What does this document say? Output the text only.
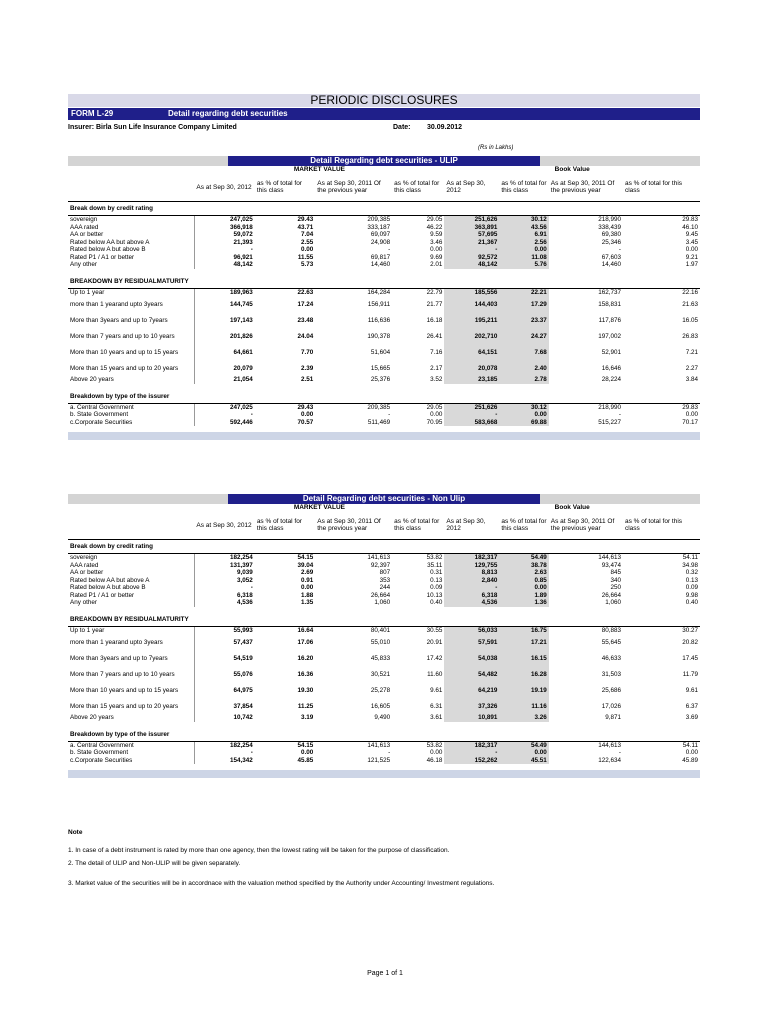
PERIODIC DISCLOSURES
FORM L-29	Detail regarding debt securities
Insurer: Birla Sun Life Insurance Company Limited	Date: 30.09.2012
(Rs in Lakhs)
Detail Regarding debt securities - ULIP
	MARKET VALUE				Book Value			
	As at Sep 30, 2012	as % of total for this class	As at Sep 30, 2011 Of the previous year	as % of total for this class	As at Sep 30, 2012	as % of total for this class	As at Sep 30, 2011 Of the previous year	as % of total for this class
Break down by credit rating								
sovereign	247,025	29.43	209,385	29.05	251,626	30.12	218,990	29.83
AAA rated	366,918	43.71	333,187	46.22	363,891	43.56	338,439	46.10
AA or better	59,072	7.04	69,097	9.59	57,695	6.91	69,380	9.45
Rated below AA but above A	21,393	2.55	24,908	3.46	21,367	2.56	25,346	3.45
Rated below A but above B	-	0.00	-	0.00	-	0.00	-	0.00
Rated P1 / A1 or better	96,921	11.55	69,817	9.69	92,572	11.08	67,603	9.21
Any other	48,142	5.73	14,460	2.01	48,142	5.76	14,460	1.97

BREAKDOWN BY RESIDUALMATURITY								
Up to 1 year	189,963	22.63	164,284	22.79	185,556	22.21	162,737	22.16
more than 1 yearand upto 3years	144,745	17.24	156,911	21.77	144,403	17.29	158,831	21.63
More than 3years and up to 7years	197,143	23.48	116,636	16.18	195,211	23.37	117,876	16.05
More than 7 years and up to 10 years	201,826	24.04	190,378	26.41	202,710	24.27	197,002	26.83
More than 10 years and up to 15 years	64,661	7.70	51,604	7.16	64,151	7.68	52,901	7.21
More than 15 years and up to 20 years	20,079	2.39	15,665	2.17	20,078	2.40	16,646	2.27
Above 20 years	21,054	2.51	25,376	3.52	23,185	2.78	28,224	3.84

Breakdown by type of the issurer								
a. Central Government	247,025	29.43	209,385	29.05	251,626	30.12	218,990	29.83
b. State Government	-	0.00	-	0.00	-	0.00	-	0.00
c.Corporate Securities	592,446	70.57	511,469	70.95	583,668	69.88	515,227	70.17

Detail Regarding debt securities - Non Ulip
	MARKET VALUE				Book Value			
	As at Sep 30, 2012	as % of total for this class	As at Sep 30, 2011 Of the previous year	as % of total for this class	As at Sep 30, 2012	as % of total for this class	As at Sep 30, 2011 Of the previous year	as % of total for this class
Break down by credit rating								
sovereign	182,254	54.15	141,613	53.82	182,317	54.49	144,613	54.11
AAA rated	131,397	39.04	92,397	35.11	129,755	38.78	93,474	34.98
AA or better	9,039	2.69	807	0.31	8,813	2.63	845	0.32
Rated below AA but above A	3,052	0.91	353	0.13	2,840	0.85	340	0.13
Rated below A but above B	-	0.00	244	0.09	-	0.00	250	0.09
Rated P1 / A1 or better	6,318	1.88	26,664	10.13	6,318	1.89	26,664	9.98
Any other	4,536	1.35	1,060	0.40	4,536	1.36	1,060	0.40

BREAKDOWN BY RESIDUALMATURITY								
Up to 1 year	55,993	16.64	80,401	30.55	56,033	16.75	80,883	30.27
more than 1 yearand upto 3years	57,437	17.06	55,010	20.91	57,591	17.21	55,645	20.82
More than 3years and up to 7years	54,519	16.20	45,833	17.42	54,038	16.15	46,633	17.45
More than 7 years and up to 10 years	55,076	16.36	30,521	11.60	54,482	16.28	31,503	11.79
More than 10 years and up to 15 years	64,975	19.30	25,278	9.61	64,219	19.19	25,686	9.61
More than 15 years and up to 20 years	37,854	11.25	16,605	6.31	37,326	11.16	17,026	6.37
Above 20 years	10,742	3.19	9,490	3.61	10,891	3.26	9,871	3.69

Breakdown by type of the issurer								
a. Central Government	182,254	54.15	141,613	53.82	182,317	54.49	144,613	54.11
b. State Government	-	0.00	-	0.00	-	0.00	-	0.00
c.Corporate Securities	154,342	45.85	121,525	46.18	152,262	45.51	122,634	45.89

Note
1. In case of a debt instrument is rated by more than one agency, then the lowest rating will be taken for the purpose of classification.
2. The detail of ULIP and Non-ULIP will be given separately.
3. Market value of the securities will be in accordnace with the valuation method specified by the Authority under Accounting/ Investment regulations.
Page 1 of 1
